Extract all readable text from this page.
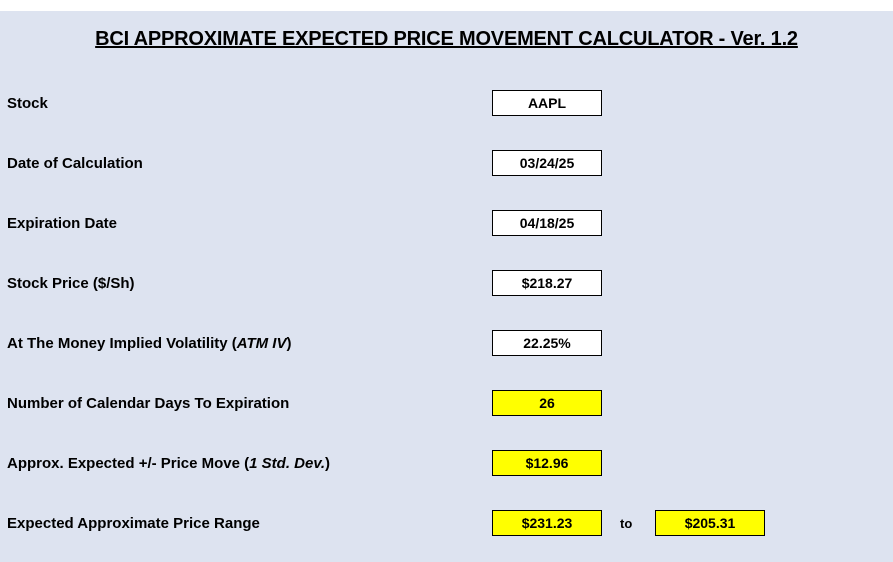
BCI APPROXIMATE EXPECTED PRICE MOVEMENT CALCULATOR - Ver. 1.2
Stock	AAPL
Date of Calculation	03/24/25
Expiration Date	04/18/25
Stock Price ($/Sh)	$218.27
At The Money Implied Volatility (ATM IV)	22.25%
Number of Calendar Days To Expiration	26
Approx. Expected +/- Price Move (1 Std. Dev.)	$12.96
Expected Approximate Price Range	$231.23	to	$205.31
